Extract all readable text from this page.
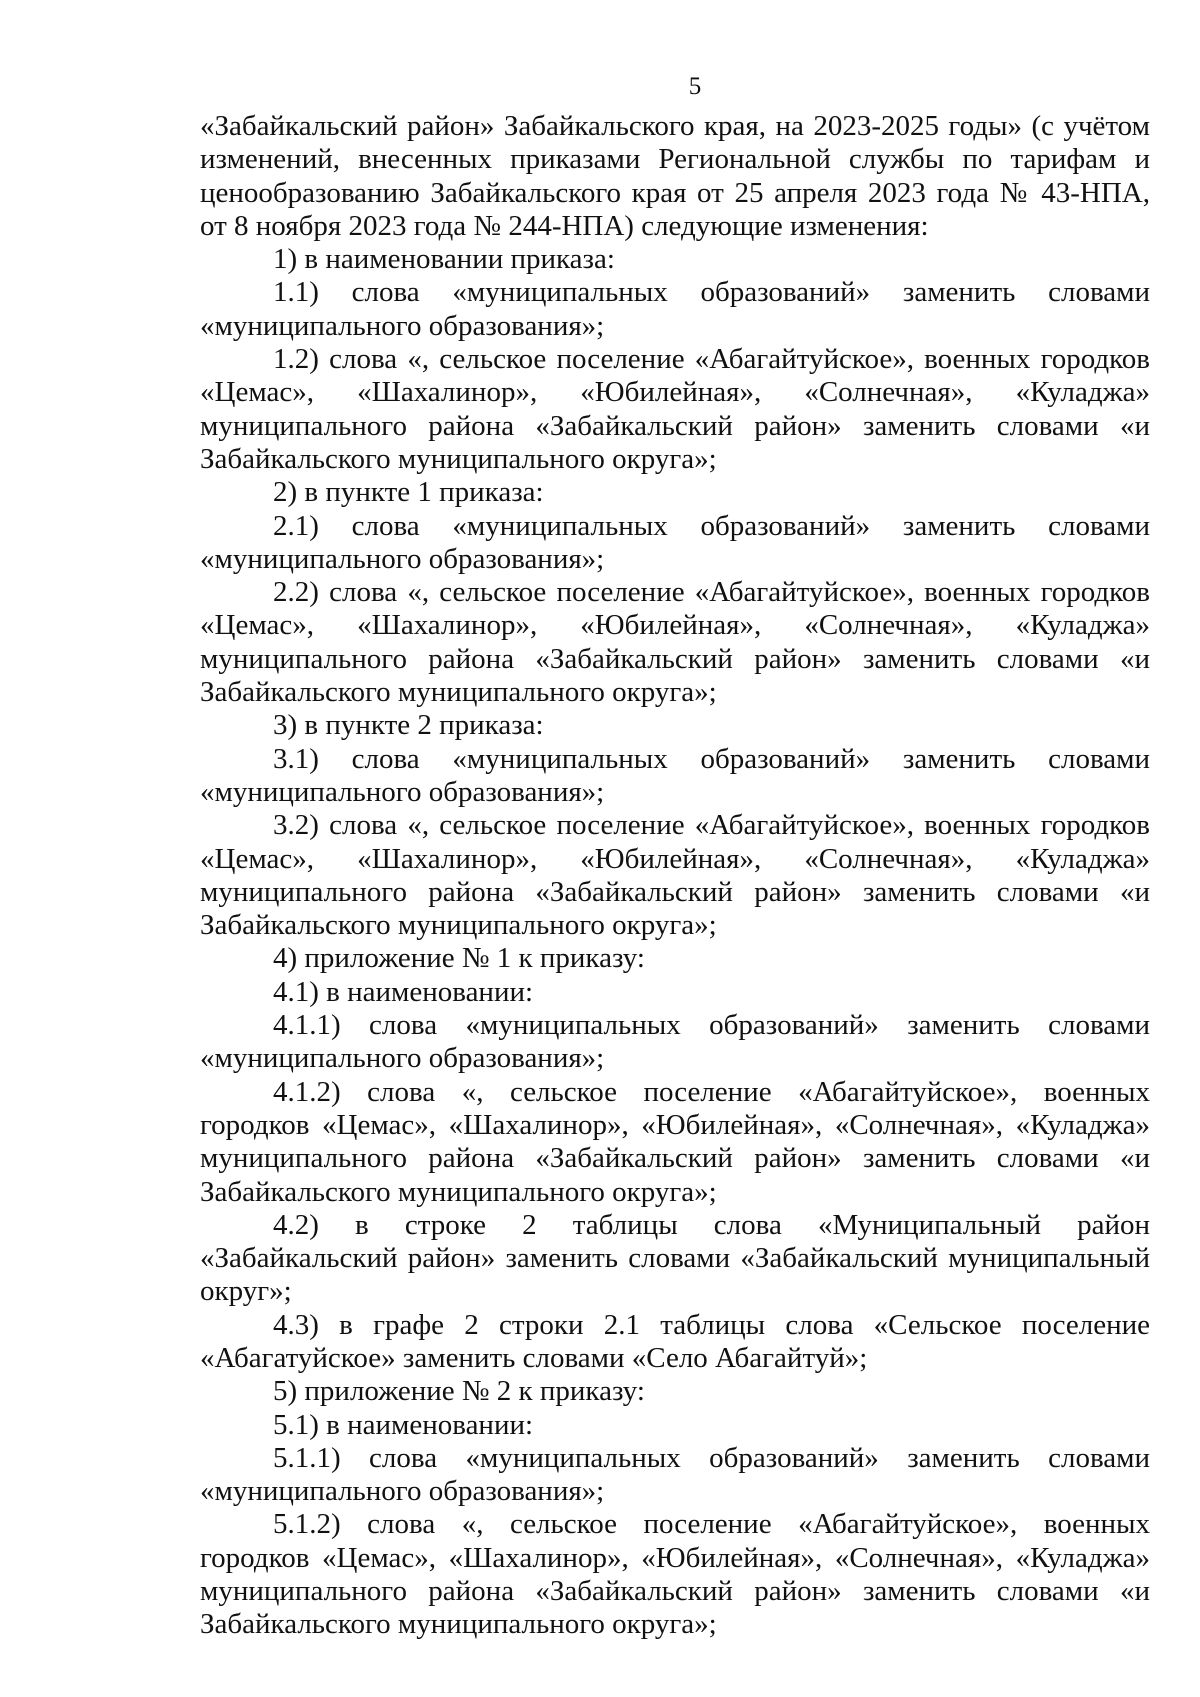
5

«Забайкальский район» Забайкальского края, на 2023-2025 годы» (с учётом изменений, внесенных приказами Региональной службы по тарифам и ценообразованию Забайкальского края от 25 апреля 2023 года № 43-НПА, от 8 ноября 2023 года № 244-НПА) следующие изменения:

1) в наименовании приказа:

1.1) слова «муниципальных образований» заменить словами «муниципального образования»;

1.2) слова «, сельское поселение «Абагайтуйское», военных городков «Цемас», «Шахалинор», «Юбилейная», «Солнечная», «Куладжа» муниципального района «Забайкальский район» заменить словами «и Забайкальского муниципального округа»;

2) в пункте 1 приказа:

2.1) слова «муниципальных образований» заменить словами «муниципального образования»;

2.2) слова «, сельское поселение «Абагайтуйское», военных городков «Цемас», «Шахалинор», «Юбилейная», «Солнечная», «Куладжа» муниципального района «Забайкальский район» заменить словами «и Забайкальского муниципального округа»;

3) в пункте 2 приказа:

3.1) слова «муниципальных образований» заменить словами «муниципального образования»;

3.2) слова «, сельское поселение «Абагайтуйское», военных городков «Цемас», «Шахалинор», «Юбилейная», «Солнечная», «Куладжа» муниципального района «Забайкальский район» заменить словами «и Забайкальского муниципального округа»;

4) приложение № 1 к приказу:

4.1) в наименовании:

4.1.1) слова «муниципальных образований» заменить словами «муниципального образования»;

4.1.2) слова «, сельское поселение «Абагайтуйское», военных городков «Цемас», «Шахалинор», «Юбилейная», «Солнечная», «Куладжа» муниципального района «Забайкальский район» заменить словами «и Забайкальского муниципального округа»;

4.2) в строке 2 таблицы слова «Муниципальный район «Забайкальский район» заменить словами «Забайкальский муниципальный округ»;

4.3) в графе 2 строки 2.1 таблицы слова «Сельское поселение «Абагатуйское» заменить словами «Село Абагайтуй»;

5) приложение № 2 к приказу:

5.1) в наименовании:

5.1.1) слова «муниципальных образований» заменить словами «муниципального образования»;

5.1.2) слова «, сельское поселение «Абагайтуйское», военных городков «Цемас», «Шахалинор», «Юбилейная», «Солнечная», «Куладжа» муниципального района «Забайкальский район» заменить словами «и Забайкальского муниципального округа»;
